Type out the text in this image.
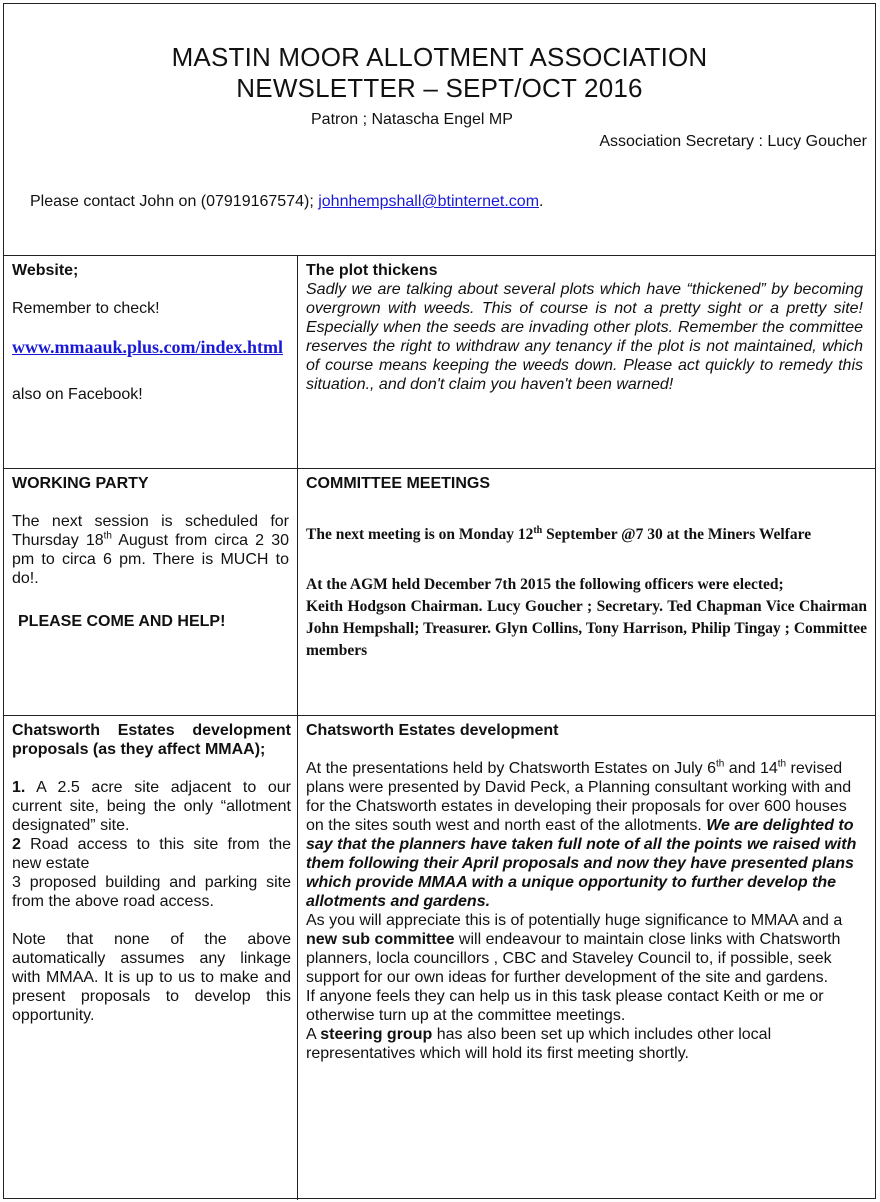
MASTIN MOOR ALLOTMENT ASSOCIATION
NEWSLETTER – SEPT/OCT 2016
Patron ; Natascha Engel MP
Association Secretary : Lucy Goucher
Please contact John on (07919167574); johnhempshall@btinternet.com.

Website;

Remember to check!

www.mmaauk.plus.com/index.html

also on Facebook!

The plot thickens

Sadly we are talking about several plots which have “thickened” by becoming overgrown with weeds. This of course is not a pretty sight or a pretty site! Especially when the seeds are invading other plots. Remember the committee reserves the right to withdraw any tenancy if the plot is not maintained, which of course means keeping the weeds down. Please act quickly to remedy this situation., and don't claim you haven't been warned!

WORKING PARTY

The next session is scheduled for Thursday 18th August from circa 2 30 pm to circa 6 pm. There is MUCH to do!.

PLEASE COME AND HELP!

COMMITTEE MEETINGS

The next meeting is on Monday 12th September @7 30 at the Miners Welfare

At the AGM held December 7th 2015 the following officers were elected;

Keith Hodgson Chairman. Lucy Goucher ; Secretary. Ted Chapman Vice Chairman John Hempshall; Treasurer. Glyn Collins, Tony Harrison, Philip Tingay ; Committee members

Chatsworth Estates development proposals (as they affect MMAA);

1. A 2.5 acre site adjacent to our current site, being the only “allotment designated” site.

2 Road access to this site from the new estate

3 proposed building and parking site from the above road access.

Note that none of the above automatically assumes any linkage with MMAA. It is up to us to make and present proposals to develop this opportunity.

Chatsworth Estates development

At the presentations held by Chatsworth Estates on July 6th and 14th revised plans were presented by David Peck, a Planning consultant working with and for the Chatsworth estates in developing their proposals for over 600 houses on the sites south west and north east of the allotments. We are delighted to say that the planners have taken full note of all the points we raised with them following their April proposals and now they have presented plans which provide MMAA with a unique opportunity to further develop the allotments and gardens.

As you will appreciate this is of potentially huge significance to MMAA and a new sub committee will endeavour to maintain close links with Chatsworth planners, locla councillors , CBC and Staveley Council to, if possible, seek support for our own ideas for further development of the site and gardens.

If anyone feels they can help us in this task please contact Keith or me or otherwise turn up at the committee meetings.

A steering group has also been set up which includes other local representatives which will hold its first meeting shortly.
